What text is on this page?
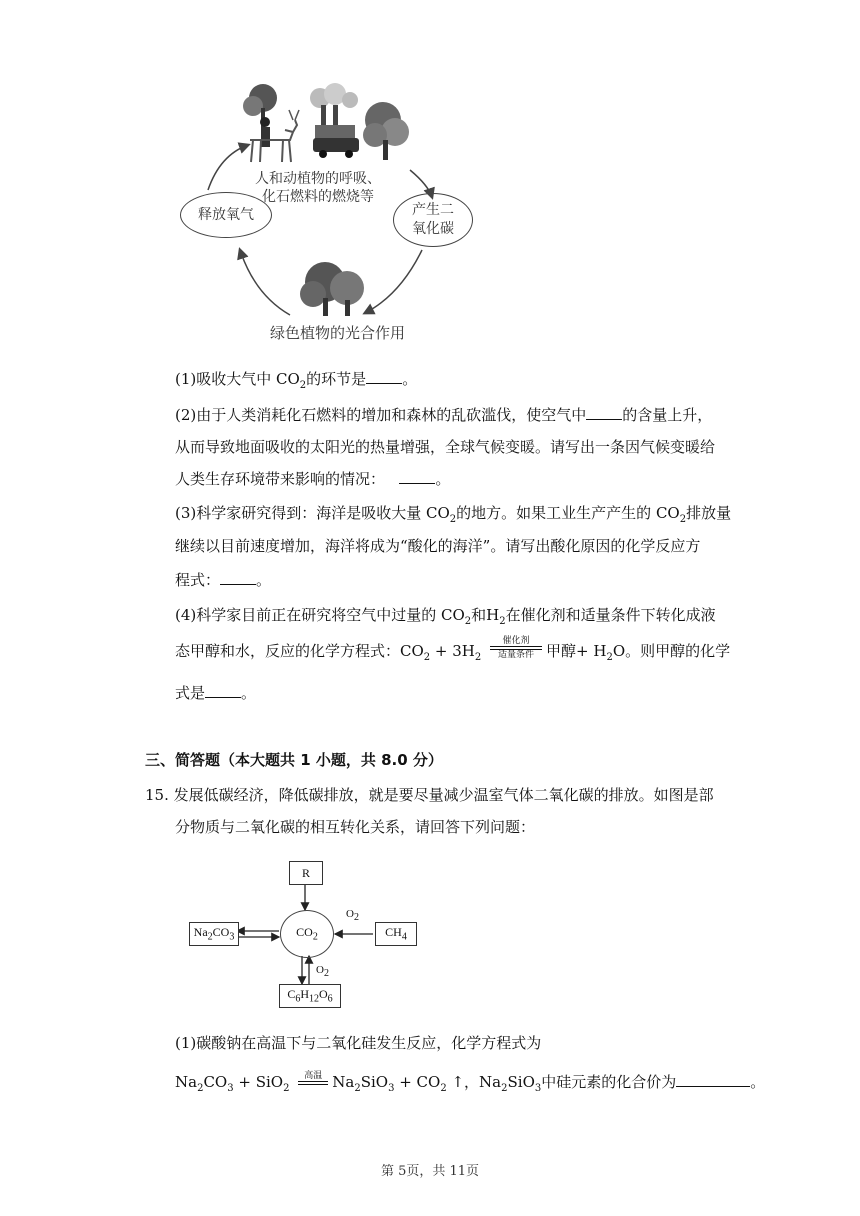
人和动植物的呼吸、
化石燃料的燃烧等
释放氧气	产生二
氧化碳
绿色植物的光合作用
(1)吸收大气中 $CO_2$的环节是 。
(2)由于人类消耗化石燃料的增加和森林的乱砍滥伐，使空气中 的含量上升，
从而导致地面吸收的太阳光的热量增强，全球气候变暖。请写出一条因气候变暖给
人类生存环境带来影响的情况：	。
(3)科学家研究得到：海洋是吸收大量 $CO_2$的地方。如果工业生产产生的 $CO_2$排放量
继续以目前速度增加，海洋将成为“酸化的海洋”。请写出酸化原因的化学反应方
程式： 。
(4)科学家目前正在研究将空气中过量的 $CO_2$和$H_2$在催化剂和适量条件下转化成液
态甲醇和水，反应的化学方程式：$CO_2 + 3H_2$
催化剂
适量条件 甲醇+ $H_2O$。则甲醇的化学
式是 。
三、简答题（本大题共 1 小题，共 8.0 分）
15. 发展低碳经济，降低碳排放，就是要尽量减少温室气体二氧化碳的排放。如图是部
分物质与二氧化碳的相互转化关系，请回答下列问题：
R
$CO_2$
$Na_2CO_3$	$CH_4$
$O_2$
$O_2$
$C_6H_{12}O_6$
(1)碳酸钠在高温下与二氧化硅发生反应，化学方程式为
$Na_2CO_3 + SiO_2$
高温 $Na_2SiO_3 + CO_2$ ↑，$Na_2SiO_3$中硅元素的化合价为	。
第 5页，共 11页
